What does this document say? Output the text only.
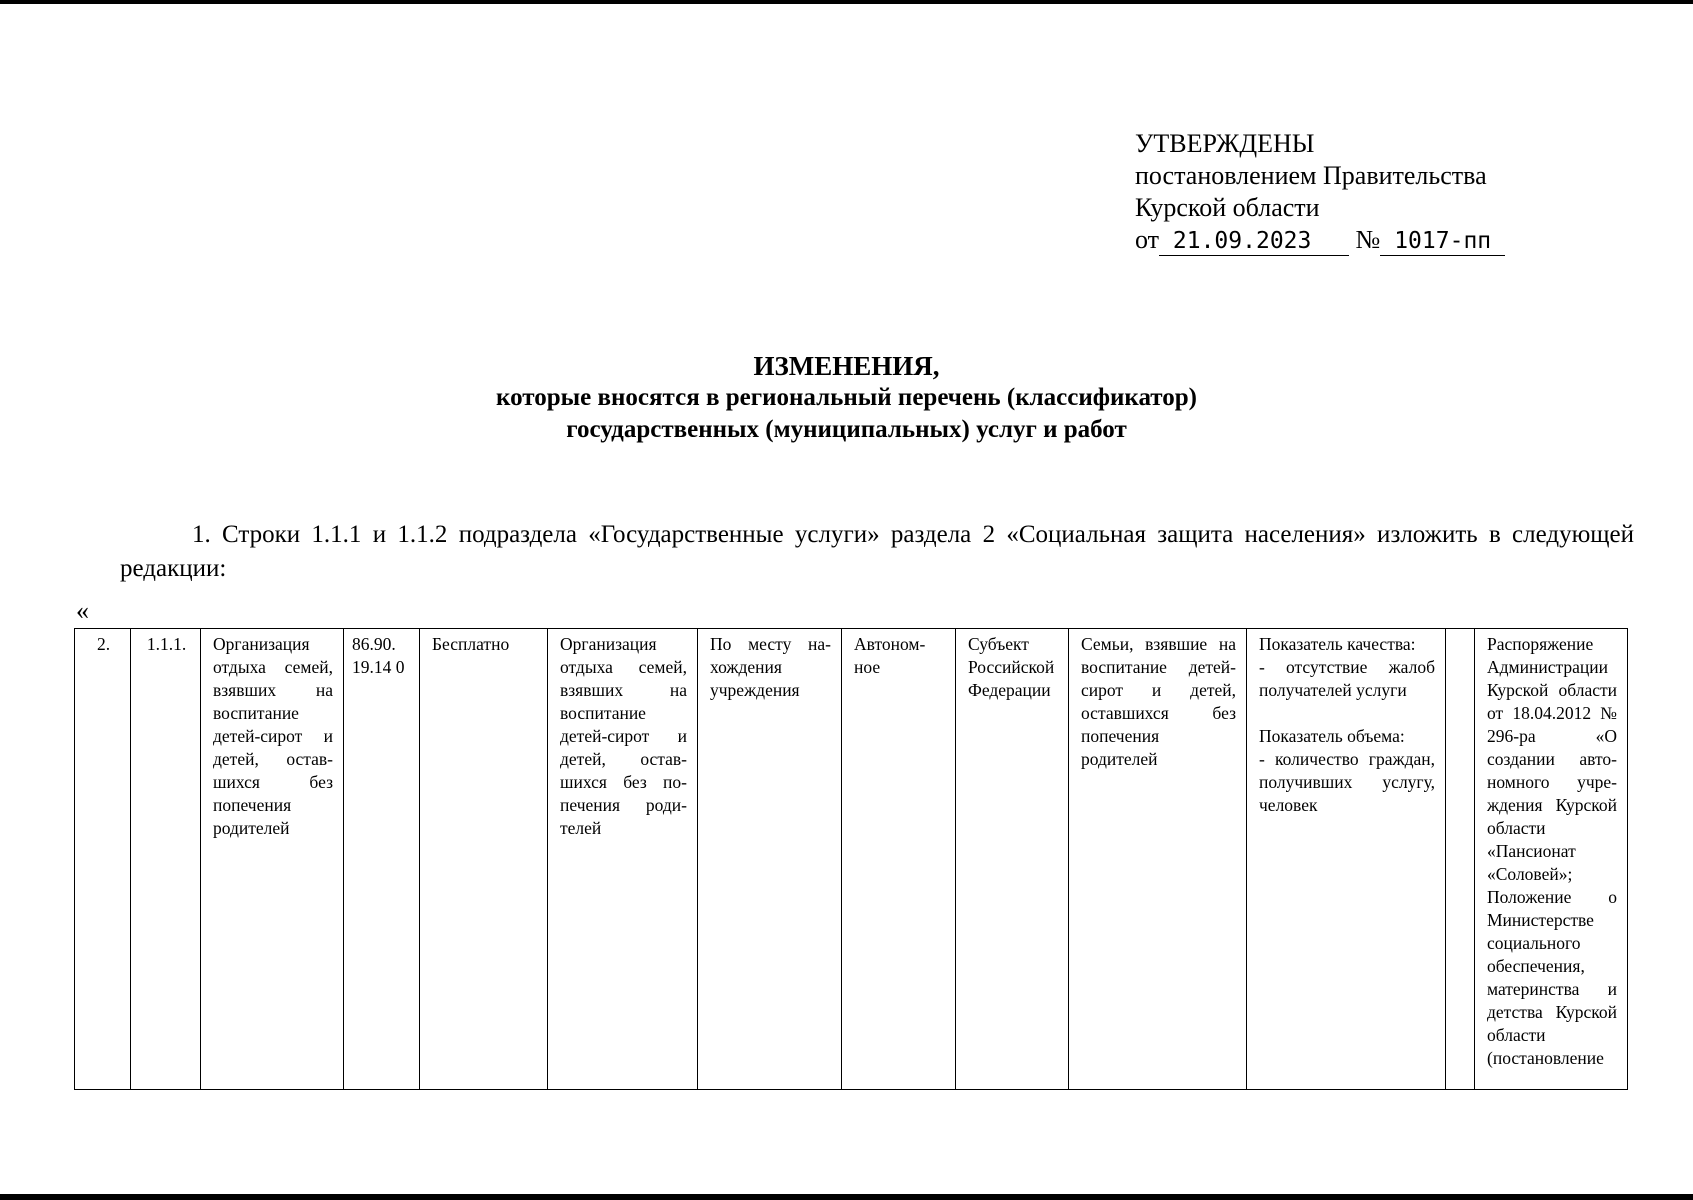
УТВЕРЖДЕНЫ
постановлением Правительства
Курской области
от 21.09.2023 № 1017-пп
ИЗМЕНЕНИЯ,
которые вносятся в региональный перечень (классификатор)
государственных (муниципальных) услуг и работ
1. Строки 1.1.1 и 1.1.2 подраздела «Государственные услуги» раздела 2 «Социальная защита населения» изложить в следующей редакции:
«
2.	1.1.1.	Организация отдыха семей, взявших на воспитание детей-сирот и детей, оставшихся без попечения родителей	86.90. 19.14 0	Бесплатно	Организация отдыха семей, взявших на воспитание детей-сирот и детей, оставшихся без попечения родителей	По месту нахождения учреждения	Автономное	Субъект Российской Федерации	Семьи, взявшие на воспитание детей-сирот и детей, оставшихся без попечения родителей	Показатель качества:
- отсутствие жалоб получателей услуги

Показатель объема:
- количество граждан, получивших услугу, человек		Распоряжение Администрации Курской области от 18.04.2012 № 296-ра «О создании автономного учреждения Курской области «Пансионат «Соловей»; Положение о Министерстве социального обеспечения, материнства и детства Курской области (постановление
